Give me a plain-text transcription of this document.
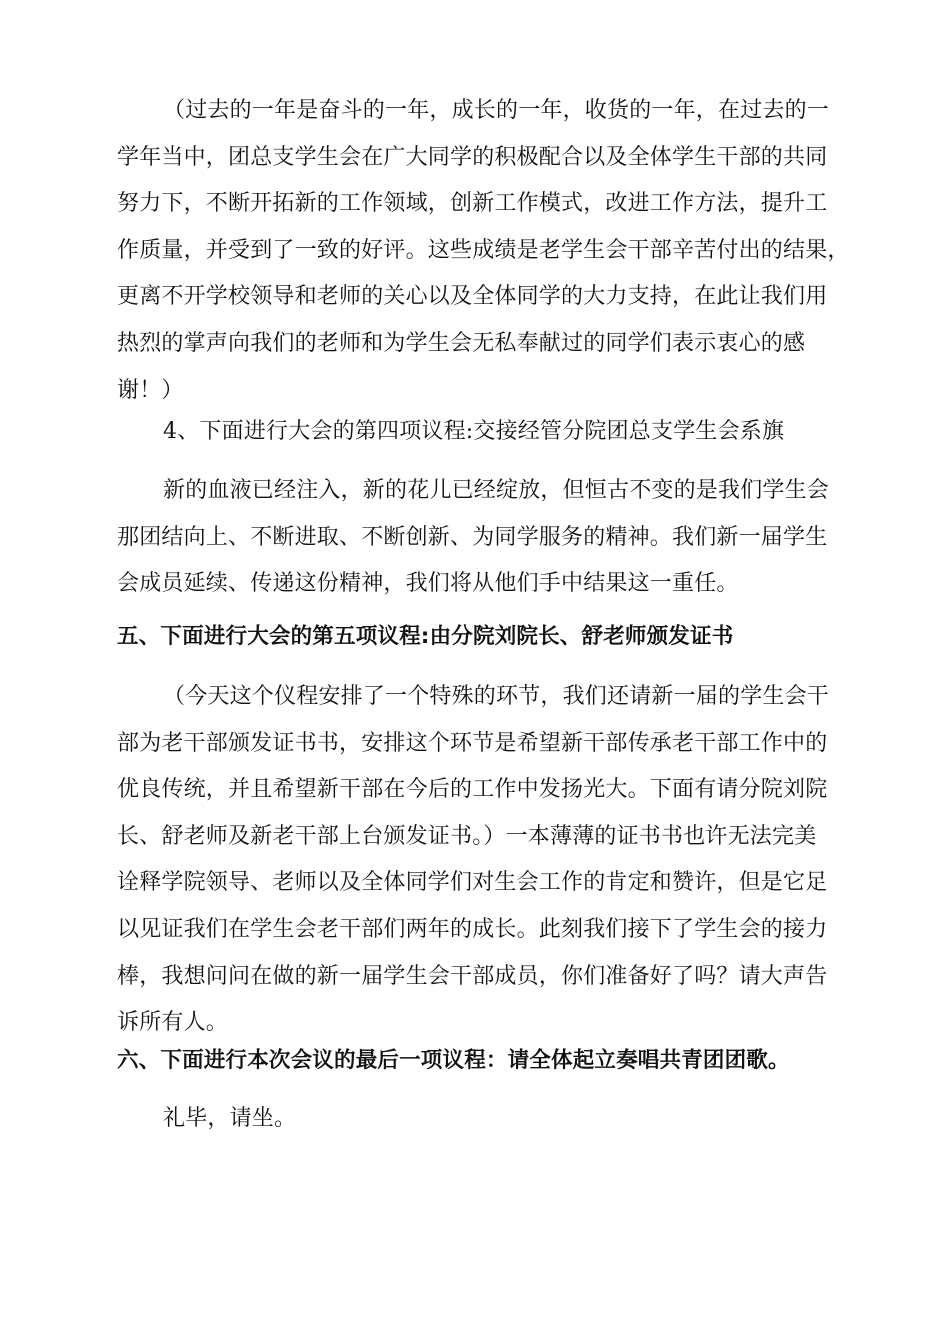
（过去的一年是奋斗的一年，成长的一年，收货的一年，在过去的一
学年当中，团总支学生会在广大同学的积极配合以及全体学生干部的共同
努力下，不断开拓新的工作领域，创新工作模式，改进工作方法，提升工
作质量，并受到了一致的好评。这些成绩是老学生会干部辛苦付出的结果，
更离不开学校领导和老师的关心以及全体同学的大力支持，在此让我们用
热烈的掌声向我们的老师和为学生会无私奉献过的同学们表示衷心的感
谢！）
4、下面进行大会的第四项议程:交接经管分院团总支学生会系旗
新的血液已经注入，新的花儿已经绽放，但恒古不变的是我们学生会
那团结向上、不断进取、不断创新、为同学服务的精神。我们新一届学生
会成员延续、传递这份精神，我们将从他们手中结果这一重任。
五、下面进行大会的第五项议程:由分院刘院长、舒老师颁发证书
（今天这个仪程安排了一个特殊的环节，我们还请新一届的学生会干
部为老干部颁发证书书，安排这个环节是希望新干部传承老干部工作中的
优良传统，并且希望新干部在今后的工作中发扬光大。下面有请分院刘院
长、舒老师及新老干部上台颁发证书。）一本薄薄的证书书也许无法完美
诠释学院领导、老师以及全体同学们对生会工作的肯定和赞许，但是它足
以见证我们在学生会老干部们两年的成长。此刻我们接下了学生会的接力
棒，我想问问在做的新一届学生会干部成员，你们准备好了吗？请大声告
诉所有人。
六、下面进行本次会议的最后一项议程：请全体起立奏唱共青团团歌。
礼毕，请坐。
